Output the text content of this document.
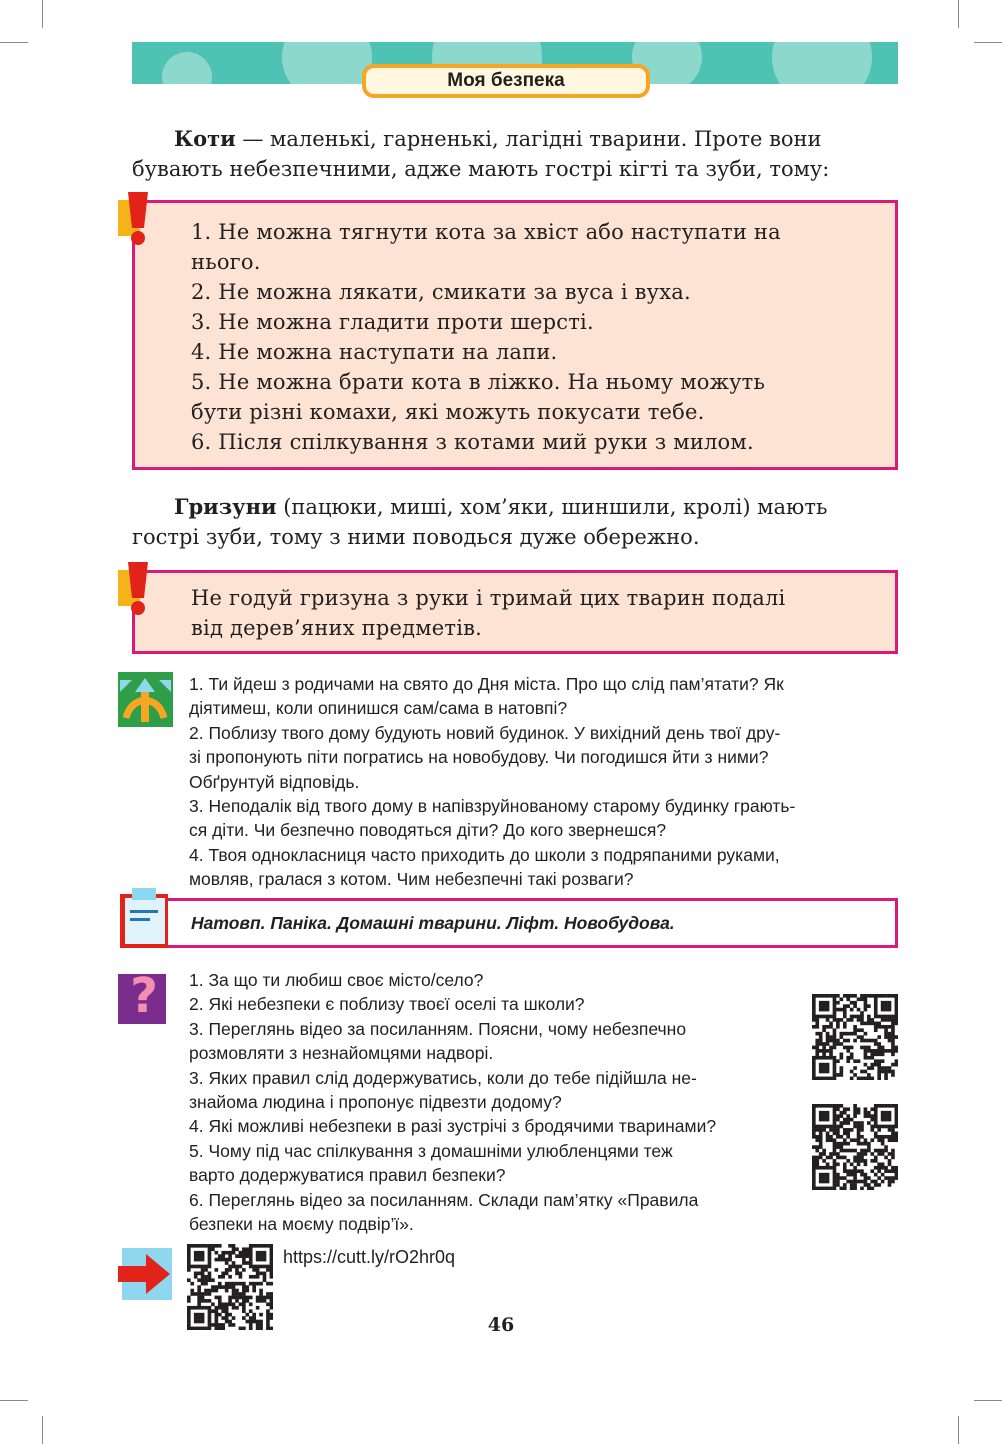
Моя безпека
Коти — маленькі, гарненькі, лагідні тварини. Проте вони
бувають небезпечними, адже мають гострі кігті та зуби, тому:
1. Не можна тягнути кота за хвіст або наступати на
нього.
2. Не можна лякати, смикати за вуса і вуха.
3. Не можна гладити проти шерсті.
4. Не можна наступати на лапи.
5. Не можна брати кота в ліжко. На ньому можуть
бути різні комахи, які можуть покусати тебе.
6. Після спілкування з котами мий руки з милом.
Гризуни (пацюки, миші, хом’яки, шиншили, кролі) мають
гострі зуби, тому з ними поводься дуже обережно.
Не годуй гризуна з руки і тримай цих тварин подалі
від дерев’яних предметів.
1. Ти йдеш з родичами на свято до Дня міста. Про що слід пам’ятати? Як
діятимеш, коли опинишся сам/сама в натовпі?
2. Поблизу твого дому будують новий будинок. У вихідний день твої дру-
зі пропонують піти погратись на новобудову. Чи погодишся йти з ними?
Обґрунтуй відповідь.
3. Неподалік від твого дому в напівзруйнованому старому будинку грають-
ся діти. Чи безпечно поводяться діти? До кого звернешся?
4. Твоя однокласниця часто приходить до школи з подряпаними руками,
мовляв, гралася з котом. Чим небезпечні такі розваги?
Натовп. Паніка. Домашні тварини. Ліфт. Новобудова.
? 1. За що ти любиш своє місто/село?
2. Які небезпеки є поблизу твоєї оселі та школи?
3. Переглянь відео за посиланням. Поясни, чому небезпечно
розмовляти з незнайомцями надворі.
3. Яких правил слід додержуватись, коли до тебе підійшла не-
знайома людина і пропонує підвезти додому?
4. Які можливі небезпеки в разі зустрічі з бродячими тваринами?
5. Чому під час спілкування з домашніми улюбленцями теж
варто додержуватися правил безпеки?
6. Переглянь відео за посиланням. Склади пам’ятку «Правила
безпеки на моєму подвір’ї».
https://cutt.ly/rO2hr0q
46
